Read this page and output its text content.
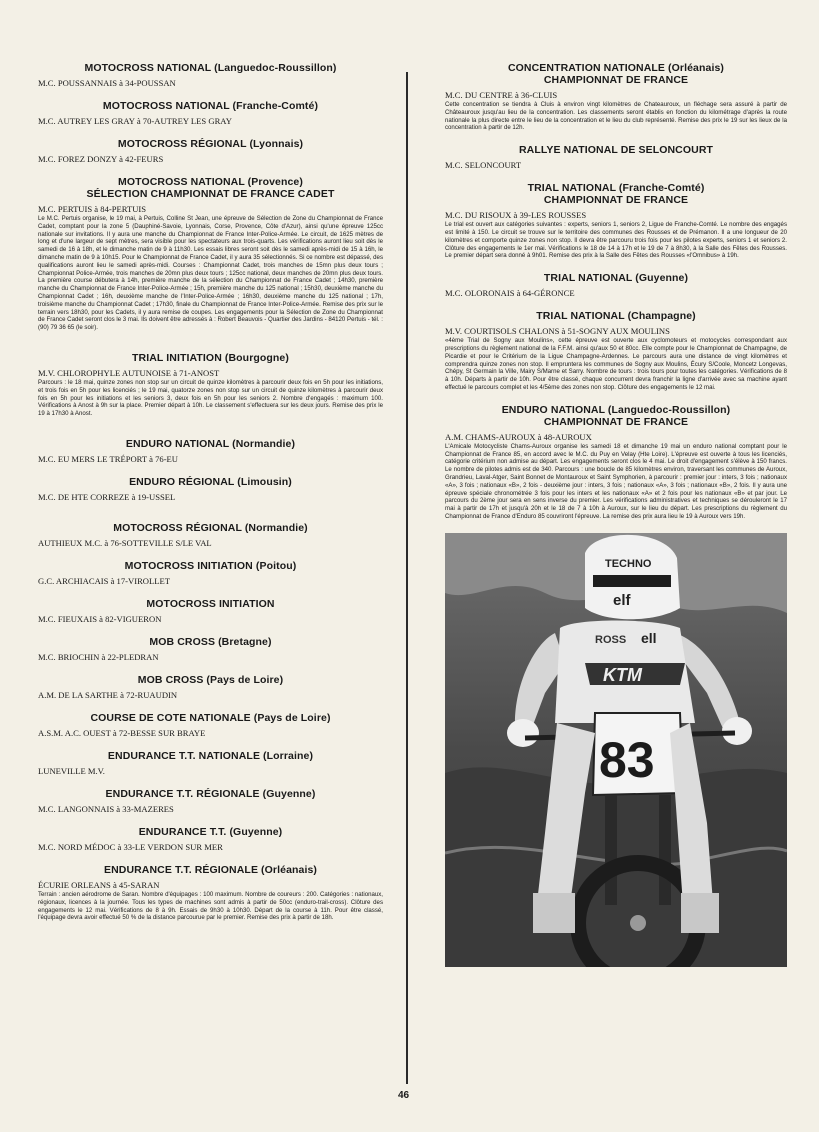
MOTOCROSS NATIONAL (Languedoc-Roussillon)

M.C. POUSSANNAIS à 34-POUSSAN

MOTOCROSS NATIONAL (Franche-Comté)

M.C. AUTREY LES GRAY à 70-AUTREY LES GRAY

MOTOCROSS RÉGIONAL (Lyonnais)

M.C. FOREZ DONZY à 42-FEURS

MOTOCROSS NATIONAL (Provence)
SÉLECTION CHAMPIONNAT DE FRANCE CADET

M.C. PERTUIS à 84-PERTUIS

Le M.C. Pertuis organise, le 19 mai, à Pertuis, Colline St Jean, une épreuve de Sélection de Zone du Championnat de France Cadet, comptant pour la zone 5 (Dauphiné-Savoie, Lyonnais, Corse, Provence, Côte d'Azur), ainsi qu'une épreuve 125cc nationale sur invitations. Il y aura une manche du Championnat de France Inter-Police-Armée. Le circuit, de 1625 mètres de long et d'une largeur de sept mètres, sera visible pour les spectateurs aux trois-quarts. Les vérifications auront lieu soit dès le samedi de 16 à 18h, et le dimanche matin de 9 à 11h30. Les essais libres seront soit dès le samedi après-midi de 15 à 16h, le dimanche matin de 9 à 10h15. Pour le Championnat de France Cadet, il y aura 35 sélectionnés. Si ce nombre est dépassé, des qualifications auront lieu le samedi après-midi. Courses : Championnat Cadet, trois manches de 15mn plus deux tours ; Championnat Police-Armée, trois manches de 20mn plus deux tours ; 125cc national, deux manches de 20mn plus deux tours. La première course débutera à 14h, première manche de la sélection du Championnat de France Cadet ; 14h30, première manche du Championnat de France Inter-Police-Armée ; 15h, première manche du 125 national ; 15h30, deuxième manche du Championnat Cadet ; 16h, deuxième manche de l'Inter-Police-Armée ; 16h30, deuxième manche du 125 national ; 17h, troisième manche du Championnat Cadet ; 17h30, finale du Championnat de France Inter-Police-Armée. Remise des prix sur le terrain vers 18h30, pour les Cadets, il y aura remise de coupes. Les engagements pour la Sélection de Zone du Championnat de France Cadet seront clos le 3 mai. Ils doivent être adressés à : Robert Beauvois - Quartier des Jardins - 84120 Pertuis - tél. : (90) 79 36 65 (le soir).

TRIAL INITIATION (Bourgogne)

M.V. CHLOROPHYLE AUTUNOISE à 71-ANOST

Parcours : le 18 mai, quinze zones non stop sur un circuit de quinze kilomètres à parcourir deux fois en 5h pour les initiations, et trois fois en 5h pour les licenciés ; le 19 mai, quatorze zones non stop sur un circuit de quinze kilomètres à parcourir deux fois en 5h pour les initiations et les seniors 3, deux fois en 5h pour les seniors 2. Nombre d'engagés : maximum 100. Vérifications à Anost à 9h sur la place. Premier départ à 10h. Le classement s'effectuera sur les deux jours. Remise des prix le 19 à 17h30 à Anost.

ENDURO NATIONAL (Normandie)

M.C. EU MERS LE TRÉPORT à 76-EU

ENDURO RÉGIONAL (Limousin)

M.C. DE HTE CORREZE à 19-USSEL

MOTOCROSS RÉGIONAL (Normandie)

AUTHIEUX M.C. à 76-SOTTEVILLE S/LE VAL

MOTOCROSS INITIATION (Poitou)

G.C. ARCHIACAIS à 17-VIROLLET

MOTOCROSS INITIATION

M.C. FIEUXAIS à 82-VIGUERON

MOB CROSS (Bretagne)

M.C. BRIOCHIN à 22-PLEDRAN

MOB CROSS (Pays de Loire)

A.M. DE LA SARTHE à 72-RUAUDIN

COURSE DE COTE NATIONALE (Pays de Loire)

A.S.M. A.C. OUEST à 72-BESSE SUR BRAYE

ENDURANCE T.T. NATIONALE (Lorraine)

LUNEVILLE M.V.

ENDURANCE T.T. RÉGIONALE (Guyenne)

M.C. LANGONNAIS à 33-MAZERES

ENDURANCE T.T. (Guyenne)

M.C. NORD MÉDOC à 33-LE VERDON SUR MER

ENDURANCE T.T. RÉGIONALE (Orléanais)

ÉCURIE ORLEANS à 45-SARAN

Terrain : ancien aérodrome de Saran. Nombre d'équipages : 100 maximum. Nombre de coureurs : 200. Catégories : nationaux, régionaux, licences à la journée. Tous les types de machines sont admis à partir de 50cc (enduro-trail-cross). Clôture des engagements le 12 mai. Vérifications de 8 à 9h. Essais de 9h30 à 10h30. Départ de la course à 11h. Pour être classé, l'équipage devra avoir effectué 50 % de la distance parcourue par le premier. Remise des prix à partir de 18h.

CONCENTRATION NATIONALE (Orléanais)
CHAMPIONNAT DE FRANCE

M.C. DU CENTRE à 36-CLUIS

Cette concentration se tiendra à Cluis à environ vingt kilomètres de Chateauroux, un fléchage sera assuré à partir de Châteauroux jusqu'au lieu de la concentration. Les classements seront établis en fonction du kilométrage d'après la route nationale la plus directe entre le lieu de la concentration et le lieu du club représenté. Remise des prix le 19 sur les lieux de la concentration à partir de 12h.

RALLYE NATIONAL DE SELONCOURT

M.C. SELONCOURT

TRIAL NATIONAL (Franche-Comté)
CHAMPIONNAT DE FRANCE

M.C. DU RISOUX à 39-LES ROUSSES

Le trial est ouvert aux catégories suivantes : experts, seniors 1, seniors 2, Ligue de Franche-Comté. Le nombre des engagés est limité à 150. Le circuit se trouve sur le territoire des communes des Rousses et de Prémanon. Il a une longueur de 20 kilomètres et comporte quinze zones non stop. Il devra être parcouru trois fois pour les pilotes experts, seniors 1 et seniors 2. Clôture des engagements le 1er mai. Vérifications le 18 de 14 à 17h et le 19 de 7 à 8h30, à la Salle des Fêtes des Rousses. Le premier départ sera donné à 9h01. Remise des prix à la Salle des Fêtes des Rousses «l'Omnibus» à 19h.

TRIAL NATIONAL (Guyenne)

M.C. OLORONAIS à 64-GÉRONCE

TRIAL NATIONAL (Champagne)

M.V. COURTISOLS CHALONS à 51-SOGNY AUX MOULINS

«4ème Trial de Sogny aux Moulins», cette épreuve est ouverte aux cyclomoteurs et motocycles correspondant aux prescriptions du règlement national de la F.F.M. ainsi qu'aux 50 et 80cc. Elle compte pour le Championnat de Champagne, de Picardie et pour le Critérium de la Ligue Champagne-Ardennes. Le parcours aura une distance de vingt kilomètres et comprendra quinze zones non stop. Il empruntera les communes de Sogny aux Moulins, Écury S/Coole, Moncetz Longevas, Chépy, St Germain la Ville, Mairy S/Marne et Sarry. Nombre de tours : trois tours pour toutes les catégories. Vérifications de 8 à 10h. Départs à partir de 10h. Pour être classé, chaque concurrent devra franchir la ligne d'arrivée avec sa machine ayant effectué le parcours complet et les 4/5ème des zones non stop. Clôture des engagements le 12 mai.

ENDURO NATIONAL (Languedoc-Roussillon)
CHAMPIONNAT DE FRANCE

A.M. CHAMS-AUROUX à 48-AUROUX

L'Amicale Motocycliste Chams-Auroux organise les samedi 18 et dimanche 19 mai un enduro national comptant pour le Championnat de France 85, en accord avec le M.C. du Puy en Velay (Hte Loire). L'épreuve est ouverte à tous les licenciés, catégorie critérium non admise au départ. Les engagements seront clos le 4 mai. Le droit d'engagement s'élève à 150 francs. Le nombre de pilotes admis est de 340. Parcours : une boucle de 85 kilomètres environ, traversant les communes de Auroux, Grandrieu, Laval-Atger, Saint Bonnet de Montauroux et Saint Symphorien, à parcourir : premier jour : inters, 3 fois ; nationaux «A», 3 fois ; nationaux «B», 2 fois - deuxième jour : inters, 3 fois ; nationaux «A», 3 fois ; nationaux «B», 2 fois. Il y aura une épreuve spéciale chronométrée 3 fois pour les inters et les nationaux «A» et 2 fois pour les nationaux «B» et par jour. Le parcours du 2ème jour sera en sens inverse du premier. Les vérifications administratives et techniques se dérouleront le 17 mai à partir de 17h et jusqu'à 20h et le 18 de 7 à 10h à Auroux, sur le lieu du départ. Les prescriptions du règlement du Championnat de France d'Enduro 85 couvriront l'épreuve. La remise des prix aura lieu le 19 à Auroux vers 19h.

TECHNO
elf
ROSS ell
KTM
83
46
